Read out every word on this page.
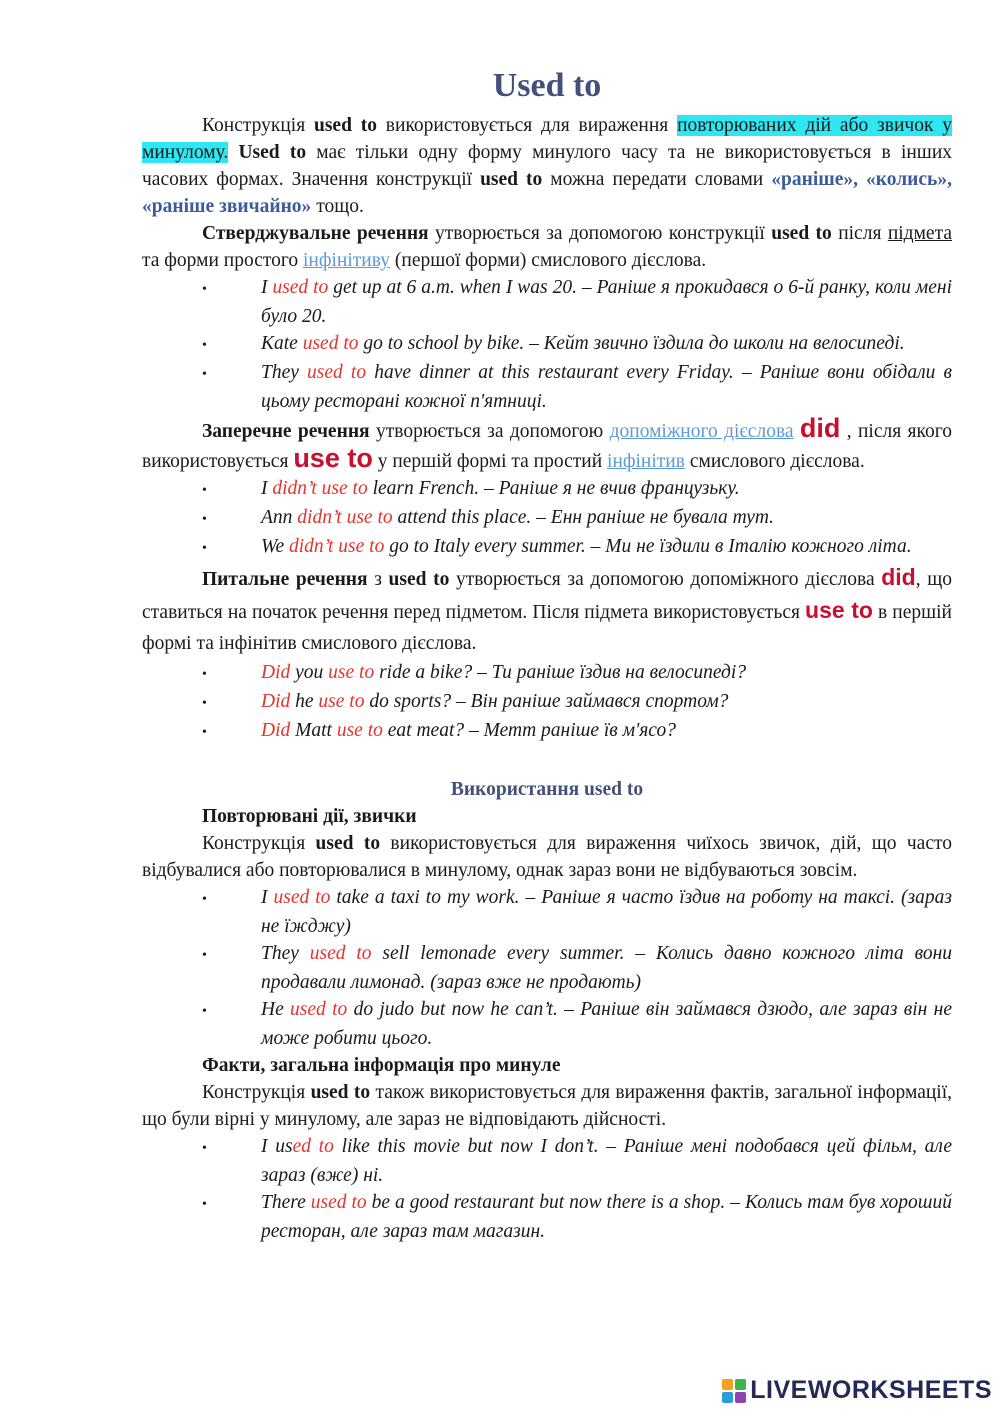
Used to

Конструкція used to використовується для вираження повторюваних дій або звичок у минулому. Used to має тільки одну форму минулого часу та не використовується в інших часових формах. Значення конструкції used to можна передати словами «раніше», «колись», «раніше звичайно» тощо.

Стверджувальне речення утворюється за допомогою конструкції used to після підмета та форми простого інфінітиву (першої форми) смислового дієслова.

•I used to get up at 6 a.m. when I was 20. – Раніше я прокидався о 6-й ранку, коли мені було 20.

•Kate used to go to school by bike. – Кейт звично їздила до школи на велосипеді.

•They used to have dinner at this restaurant every Friday. – Раніше вони обідали в цьому ресторані кожної п'ятниці.

Заперечне речення утворюється за допомогою допоміжного дієслова did , після якого використовується use to у першій формі та простий інфінітив смислового дієслова.

•I didn’t use to learn French. – Раніше я не вчив французьку.

•Ann didn’t use to attend this place. – Енн раніше не бувала тут.

•We didn’t use to go to Italy every summer. – Ми не їздили в Італію кожного літа.

Питальне речення з used to утворюється за допомогою допоміжного дієслова did, що ставиться на початок речення перед підметом. Після підмета використовується use to в першій формі та інфінітив смислового дієслова.

•Did you use to ride a bike? – Ти раніше їздив на велосипеді?

•Did he use to do sports? – Він раніше займався спортом?

•Did Matt use to eat meat? – Метт раніше їв м'ясо?

Використання used to

Повторювані дії, звички

Конструкція used to використовується для вираження чиїхось звичок, дій, що часто відбувалися або повторювалися в минулому, однак зараз вони не відбуваються зовсім.

•I used to take a taxi to my work. – Раніше я часто їздив на роботу на таксі. (зараз не їжджу)

•They used to sell lemonade every summer. – Колись давно кожного літа вони продавали лимонад. (зараз вже не продають)

•He used to do judo but now he can’t. – Раніше він займався дзюдо, але зараз він не може робити цього.

Факти, загальна інформація про минуле

Конструкція used to також використовується для вираження фактів, загальної інформації, що були вірні у минулому, але зараз не відповідають дійсності.

•I used to like this movie but now I don’t. – Раніше мені подобався цей фільм, але зараз (вже) ні.

•There used to be a good restaurant but now there is a shop. – Колись там був хороший ресторан, але зараз там магазин.

LIVEWORKSHEETS
